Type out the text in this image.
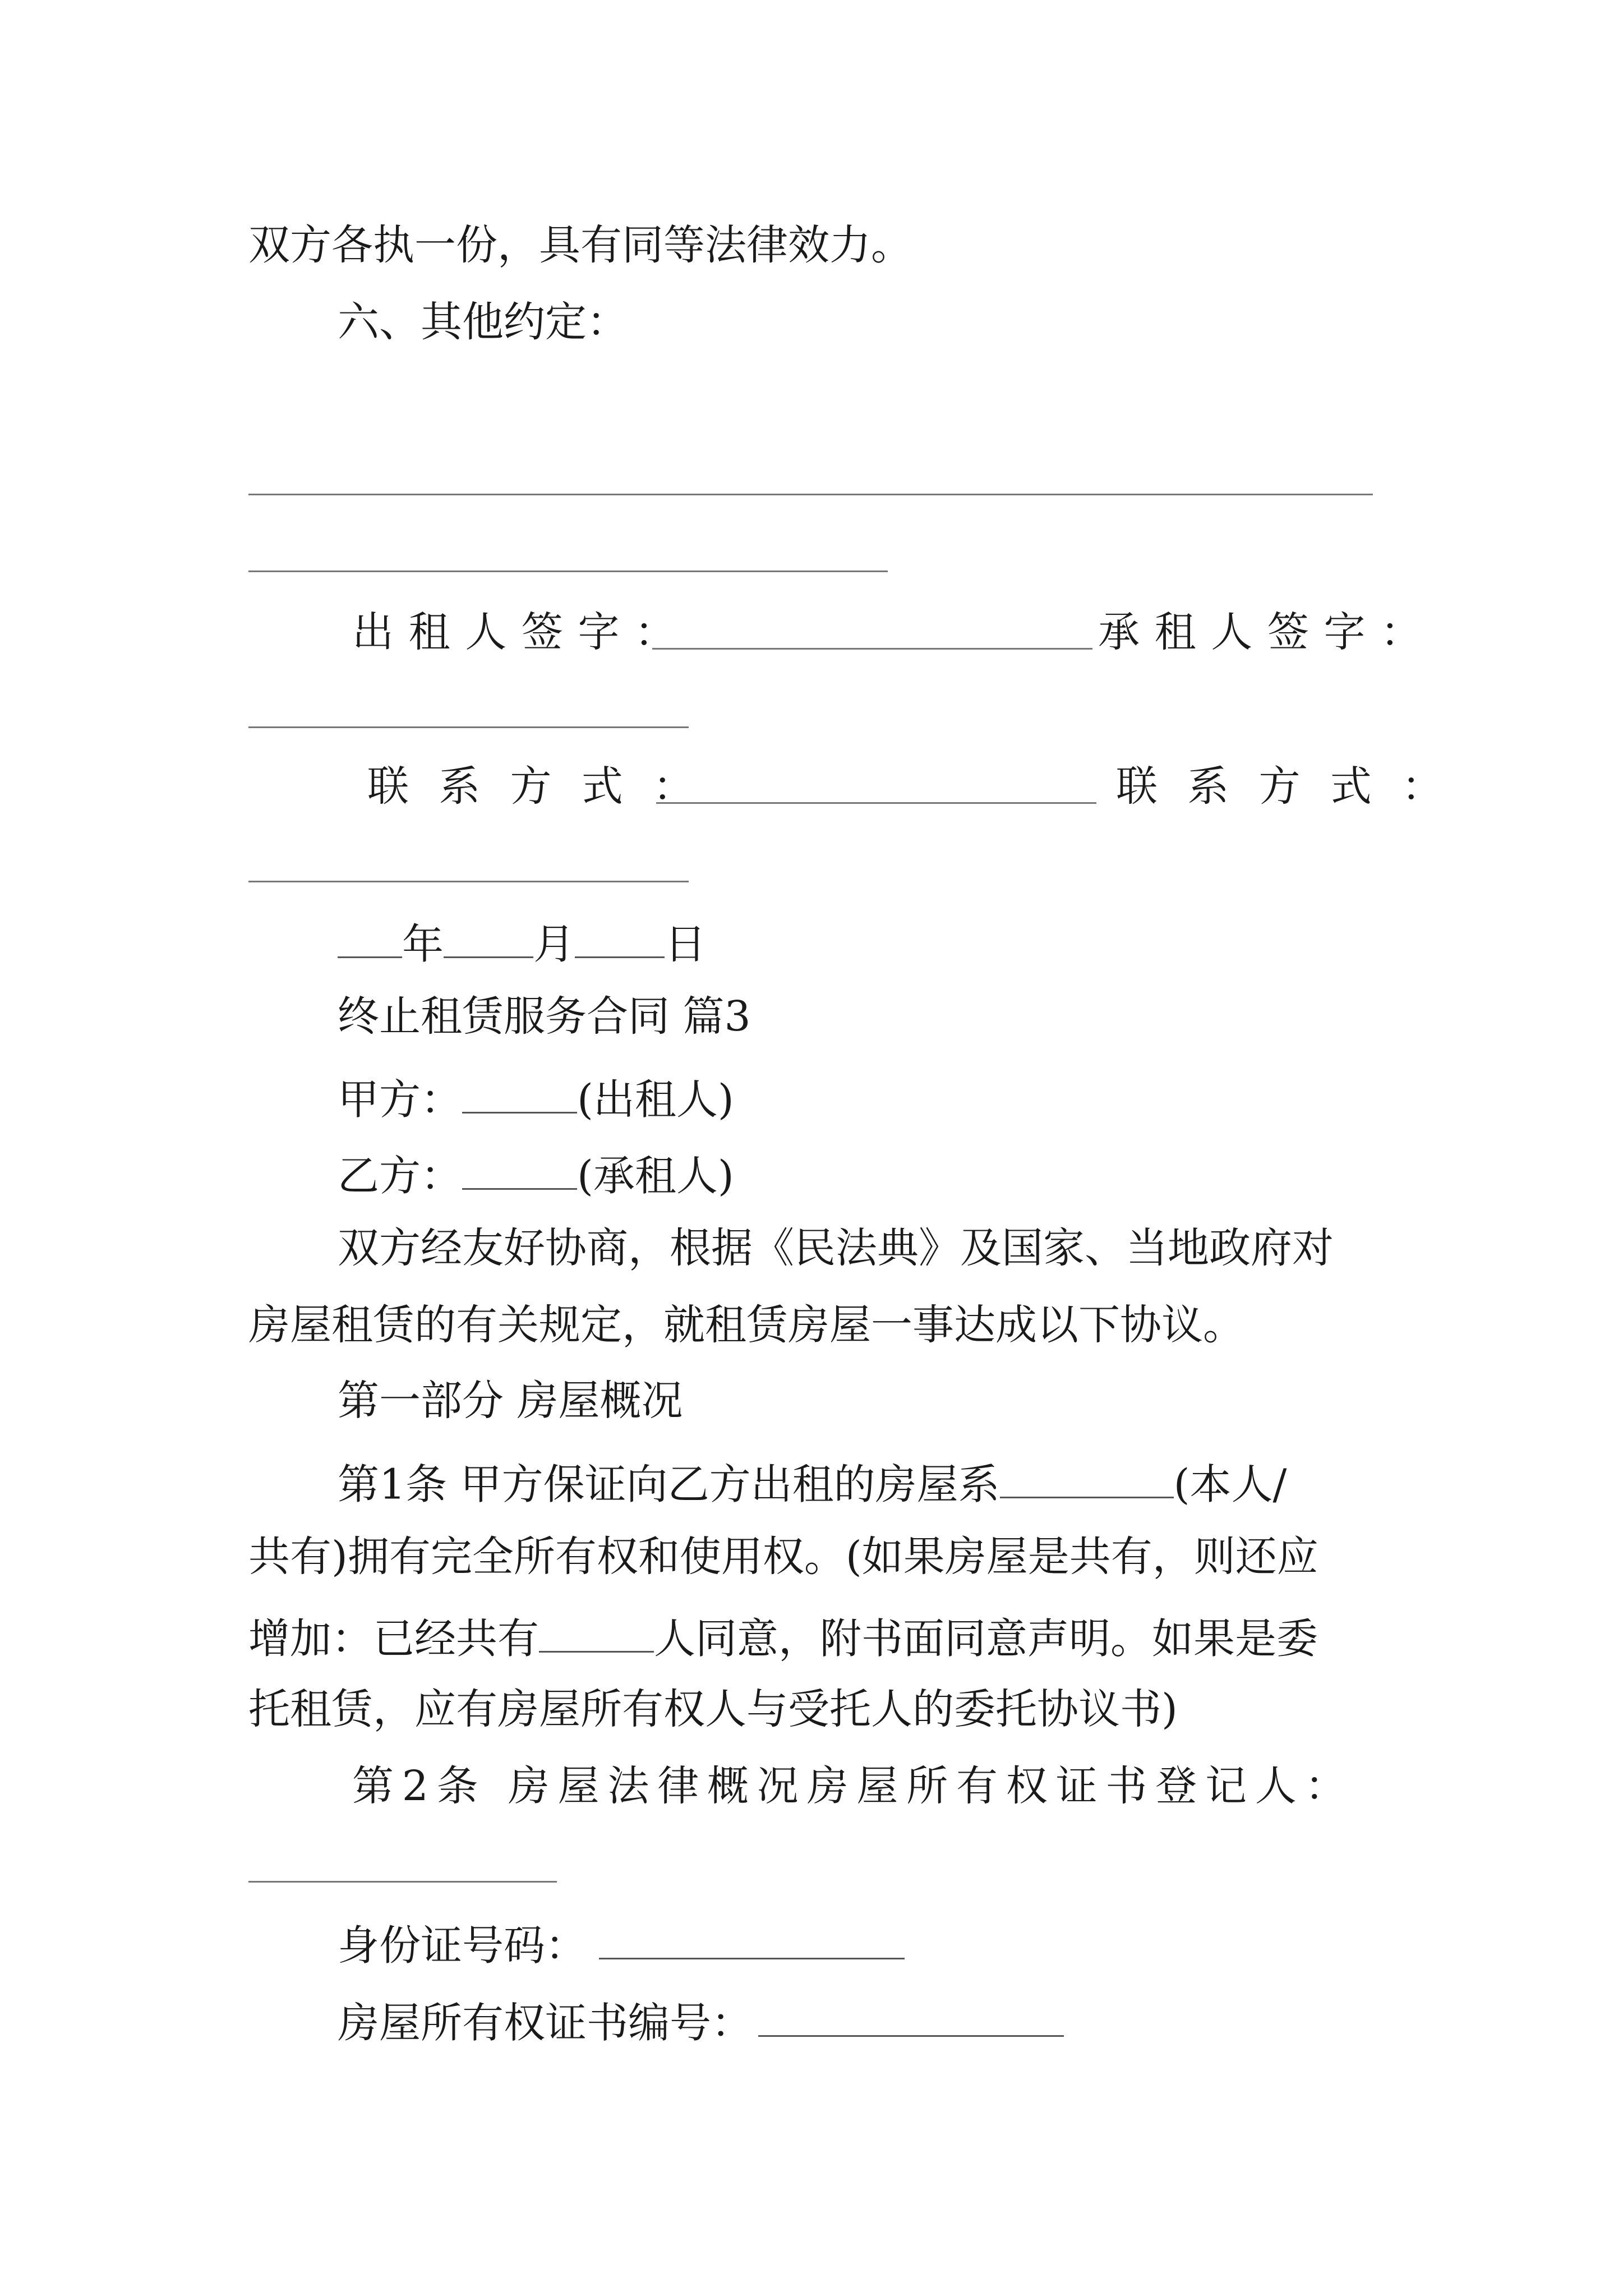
双方各执一份，具有同等法律效力。
六、其他约定：
出租人签字：	承租人签字：
联系方式：	联系方式：
年 月 日
终止租赁服务合同 篇3
甲方：	(出租人)
乙方：	(承租人)
双方经友好协商，根据《民法典》及国家、当地政府对
房屋租赁的有关规定，就租赁房屋一事达成以下协议。
第一部分 房屋概况
第1条 甲方保证向乙方出租的房屋系	(本人/
共有)拥有完全所有权和使用权。(如果房屋是共有，则还应
增加：已经共有	人同意，附书面同意声明。如果是委
托租赁，应有房屋所有权人与受托人的委托协议书)
第2条 房屋法律概况房屋所有权证书登记人：
身份证号码：
房屋所有权证书编号：
